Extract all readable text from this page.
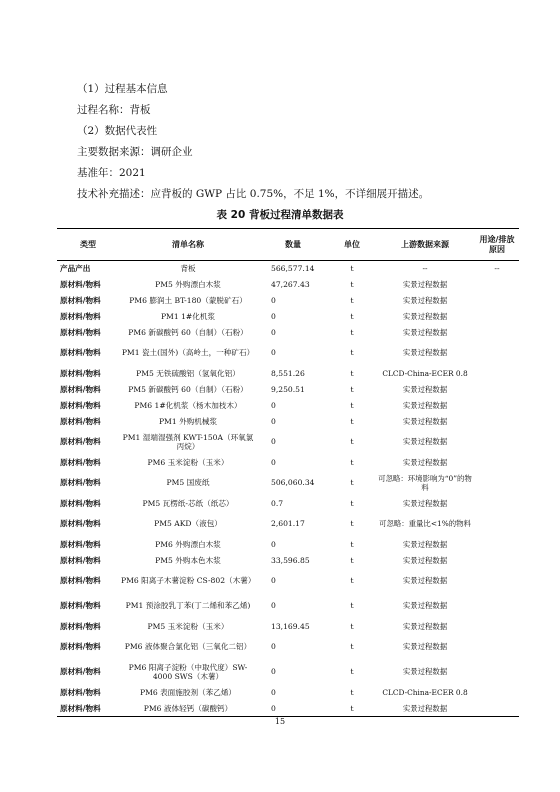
（1）过程基本信息
过程名称：背板
（2）数据代表性
主要数据来源：调研企业
基准年：2021
技术补充描述：应背板的 GWP 占比 0.75%，不足 1%，不详细展开描述。
表 20 背板过程清单数据表
类型	清单名称	数量	单位	上游数据来源	用途/排放原因
产品产出	背板	566,577.14	t	--	--
原材料/物料	PM5 外购漂白木浆	47,267.43	t	实景过程数据	
原材料/物料	PM6 膨润土 BT-180（蒙脱矿石）	0	t	实景过程数据	
原材料/物料	PM1 1#化机浆	0	t	实景过程数据	
原材料/物料	PM6 新碳酸钙 60（自制）（石粉）	0	t	实景过程数据	
原材料/物料	PM1 瓷土(国外)（高岭土，一种矿石）	0	t	实景过程数据	
原材料/物料	PM5 无铁硫酸铝（氢氧化铝）	8,551.26	t	CLCD-China-ECER 0.8	
原材料/物料	PM5 新碳酸钙 60（自制）（石粉）	9,250.51	t	实景过程数据	
原材料/物料	PM6 1#化机浆（杨木加枝木）	0	t	实景过程数据	
原材料/物料	PM1 外购机械浆	0	t	实景过程数据	
原材料/物料	PM1 湿端湿强剂 KWT-150A（环氧氯丙烷）	0	t	实景过程数据	
原材料/物料	PM6 玉米淀粉（玉米）	0	t	实景过程数据	
原材料/物料	PM5 国废纸	506,060.34	t	可忽略：环境影响为“0”的物料	
原材料/物料	PM5 瓦楞纸-芯纸（纸芯）	0.7	t	实景过程数据	
原材料/物料	PM5 AKD（液包）	2,601.17	t	可忽略：重量比<1%的物料	
原材料/物料	PM6 外购漂白木浆	0	t	实景过程数据	
原材料/物料	PM5 外购本色木浆	33,596.85	t	实景过程数据	
原材料/物料	PM6 阳离子木薯淀粉 CS-802（木薯）	0	t	实景过程数据	
原材料/物料	PM1 预涂胶乳丁苯(丁二烯和苯乙烯)	0	t	实景过程数据	
原材料/物料	PM5 玉米淀粉（玉米）	13,169.45	t	实景过程数据	
原材料/物料	PM6 液体聚合氯化铝（三氧化二铝）	0	t	实景过程数据	
原材料/物料	PM6 阳离子淀粉（中取代度）SW-4000 SWS（木薯）	0	t	实景过程数据	
原材料/物料	PM6 表面施胶剂（苯乙烯）	0	t	CLCD-China-ECER 0.8	
原材料/物料	PM6 液体轻钙（碳酸钙）	0	t	实景过程数据	
15
